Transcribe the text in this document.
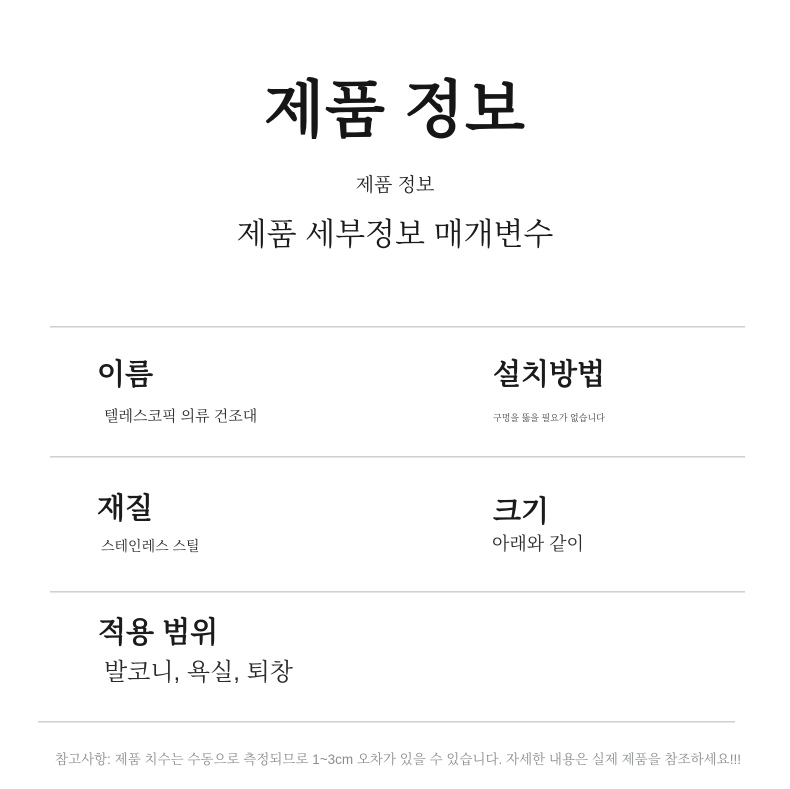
제품 정보
제품 정보
제품 세부정보 매개변수
이름
텔레스코픽 의류 건조대
설치방법
구멍을 뚫을 필요가 없습니다
재질
스테인레스 스틸
크기
아래와 같이
적용 범위
발코니, 욕실, 퇴창
참고사항: 제품 치수는 수동으로 측정되므로 1~3cm 오차가 있을 수 있습니다. 자세한 내용은 실제 제품을 참조하세요!!!
